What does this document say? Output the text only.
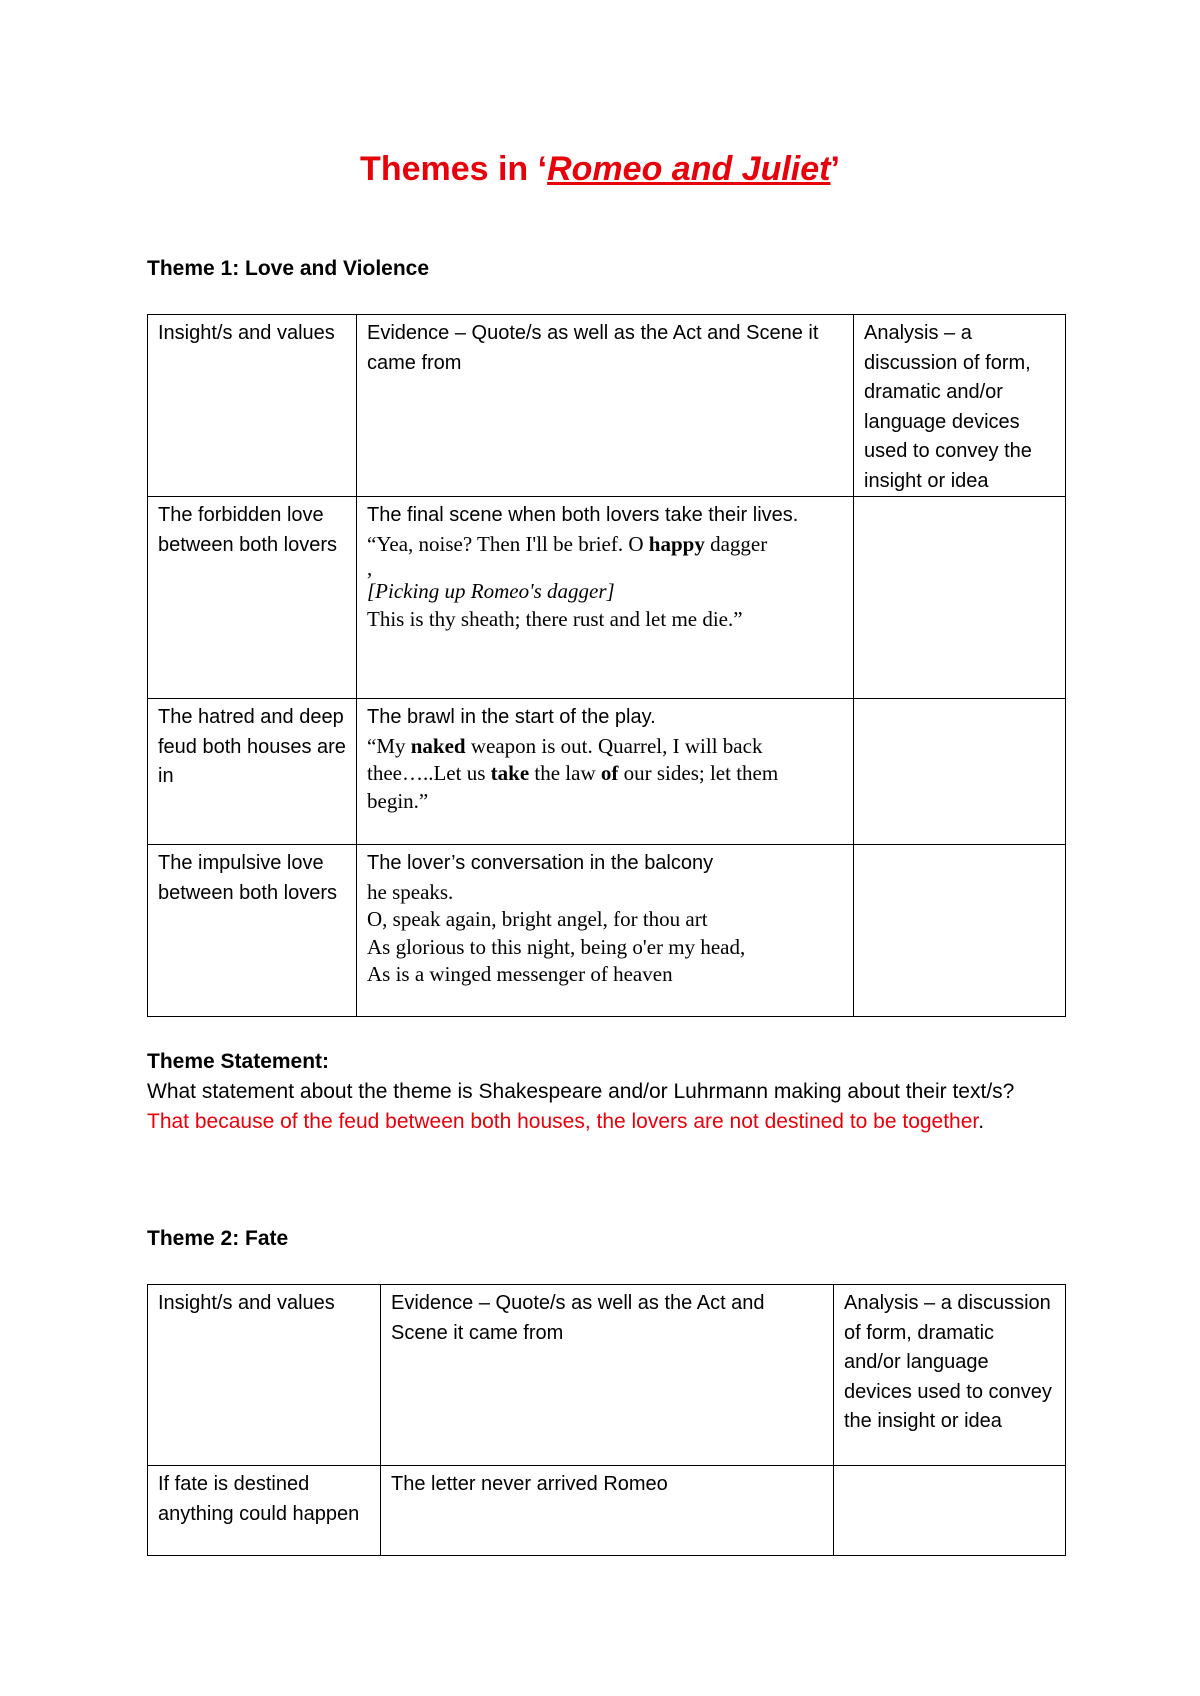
Themes in ‘Romeo and Juliet’
Theme 1: Love and Violence
Insight/s and values	Evidence – Quote/s as well as the Act and Scene it came from	Analysis – a discussion of form, dramatic and/or language devices used to convey the insight or idea
The forbidden love between both lovers	The final scene when both lovers take their lives.
“Yea, noise? Then I'll be brief. O happy dagger
,
[Picking up Romeo's dagger]
This is thy sheath; there rust and let me die.”	

The hatred and deep feud both houses are in	The brawl in the start of the play.
“My naked weapon is out. Quarrel, I will back thee…..Let us take the law of our sides; let them begin.”	

The impulsive love between both lovers	The lover’s conversation in the balcony
he speaks.
O, speak again, bright angel, for thou art
As glorious to this night, being o'er my head,
As is a winged messenger of heaven	

Theme Statement:
What statement about the theme is Shakespeare and/or Luhrmann making about their text/s?
That because of the feud between both houses, the lovers are not destined to be together.
Theme 2: Fate
Insight/s and values	Evidence – Quote/s as well as the Act and Scene it came from	Analysis – a discussion of form, dramatic and/or language devices used to convey the insight or idea
If fate is destined anything could happen	The letter never arrived Romeo	
